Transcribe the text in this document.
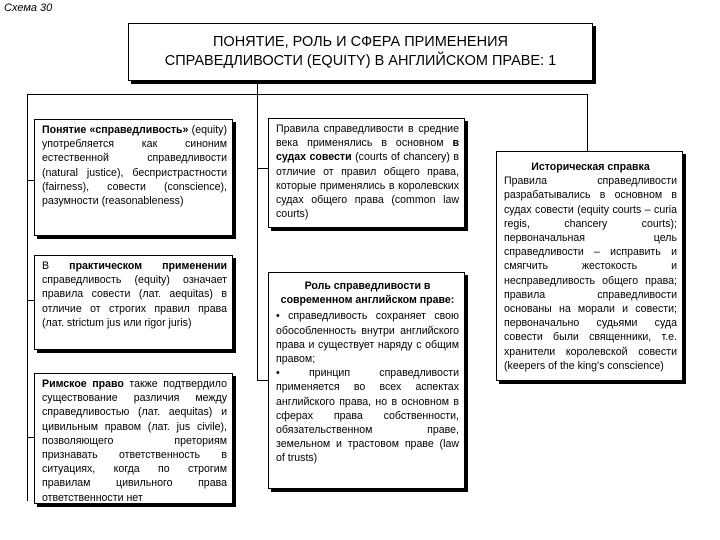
Схема 30
ПОНЯТИЕ, РОЛЬ И СФЕРА ПРИМЕНЕНИЯ
СПРАВЕДЛИВОСТИ (EQUITY) В АНГЛИЙСКОМ ПРАВЕ: 1

Понятие «справедливость» (equity) употребляется как синоним естественной справедливости (natural justice), беспристрастности (fairness), совести (conscience), разумности (reasonableness)

В практическом применении справедливость (equity) означает правила совести (лат. aequitas) в отличие от строгих правил права (лат. strictum jus или rigor juris)

Римское право также подтвердило существование различия между справедливостью (лат. aequitas) и цивильным правом (лат. jus civile), позволяющего преториям признавать ответственность в ситуациях, когда по строгим правилам цивильного права ответственности нет

Правила справедливости в средние века применялись в основном в судах совести (courts of chancery) в отличие от правил общего права, которые применялись в королевских судах общего права (common law courts)

Роль справедливости в современном английском праве:

• справедливость сохраняет свою обособленность внутри английского права и существует наряду с общим правом;

• принцип справедливости применяется во всех аспектах английского права, но в основном в сферах права собственности, обязательственном праве, земельном и трастовом праве (law of trusts)

Историческая справка

Правила справедливости разрабатывались в основном в судах совести (equity courts – curia regis, chancery courts); первоначальная цель справедливости – исправить и смягчить жестокость и несправедливость общего права; правила справедливости основаны на морали и совести; первоначально судьями суда совести были священники, т.е. хранители королевской совести (keepers of the king's conscience)
